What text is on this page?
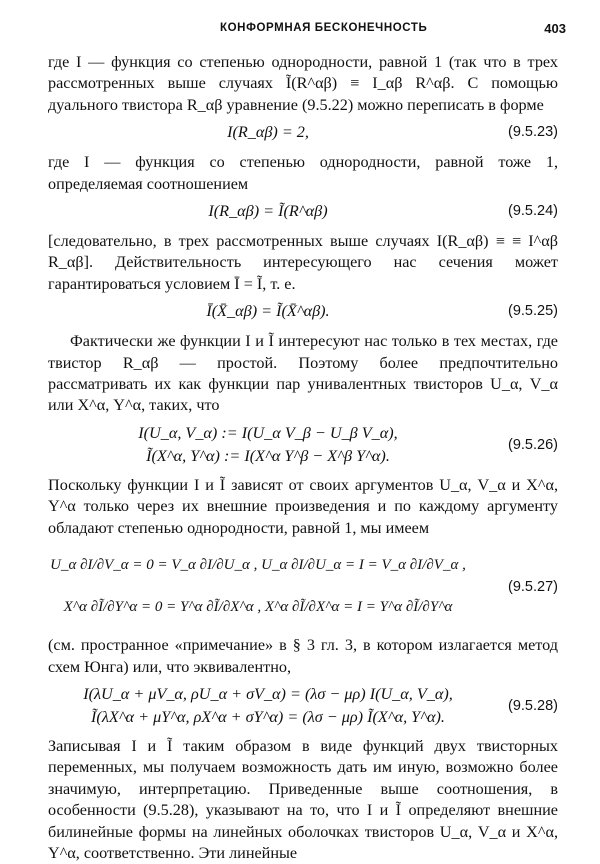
КОНФОРМНАЯ БЕСКОНЕЧНОСТЬ	403

где I — функция со степенью однородности, равной 1 (так что в трех рассмотренных выше случаях Ĩ(R^αβ) ≡ I_αβ R^αβ. С помощью дуального твистора R_αβ уравнение (9.5.22) можно переписать в форме

I(R_αβ) = 2,	(9.5.23)

где I — функция со степенью однородности, равной тоже 1, определяемая соотношением

I(R_αβ) = Ĩ(R^αβ)	(9.5.24)

[следовательно, в трех рассмотренных выше случаях I(R_αβ) ≡ ≡ I^αβ R_αβ]. Действительность интересующего нас сечения может гарантироваться условием Ī = Ĩ, т. е.

Ī(X̄_αβ) = Ĩ(X̄^αβ).	(9.5.25)

Фактически же функции I и Ĩ интересуют нас только в тех местах, где твистор R_αβ — простой. Поэтому более предпочтительно рассматривать их как функции пар унивалентных твисторов U_α, V_α или X^α, Y^α, таких, что

I(U_α, V_α) := I(U_α V_β − U_β V_α),
Ĩ(X^α, Y^α) := I(X^α Y^β − X^β Y^α).
(9.5.26)

Поскольку функции I и Ĩ зависят от своих аргументов U_α, V_α и X^α, Y^α только через их внешние произведения и по каждому аргументу обладают степенью однородности, равной 1, мы имеем

U_α ∂I/∂V_α = 0 = V_α ∂I/∂U_α , U_α ∂I/∂U_α = I = V_α ∂I/∂V_α ,
X^α ∂Ĩ/∂Y^α = 0 = Y^α ∂Ĩ/∂X^α , X^α ∂Ĩ/∂X^α = I = Y^α ∂Ĩ/∂Y^α
(9.5.27)

(см. пространное «примечание» в § 3 гл. 3, в котором излагается метод схем Юнга) или, что эквивалентно,

I(λU_α + μV_α, ρU_α + σV_α) = (λσ − μρ) I(U_α, V_α),
Ĩ(λX^α + μY^α, ρX^α + σY^α) = (λσ − μρ) Ĩ(X^α, Y^α).
(9.5.28)

Записывая I и Ĩ таким образом в виде функций двух твисторных переменных, мы получаем возможность дать им иную, возможно более значимую, интерпретацию. Приведенные выше соотношения, в особенности (9.5.28), указывают на то, что I и Ĩ определяют внешние билинейные формы на линейных оболочках твисторов U_α, V_α и X^α, Y^α, соответственно. Эти линейные
